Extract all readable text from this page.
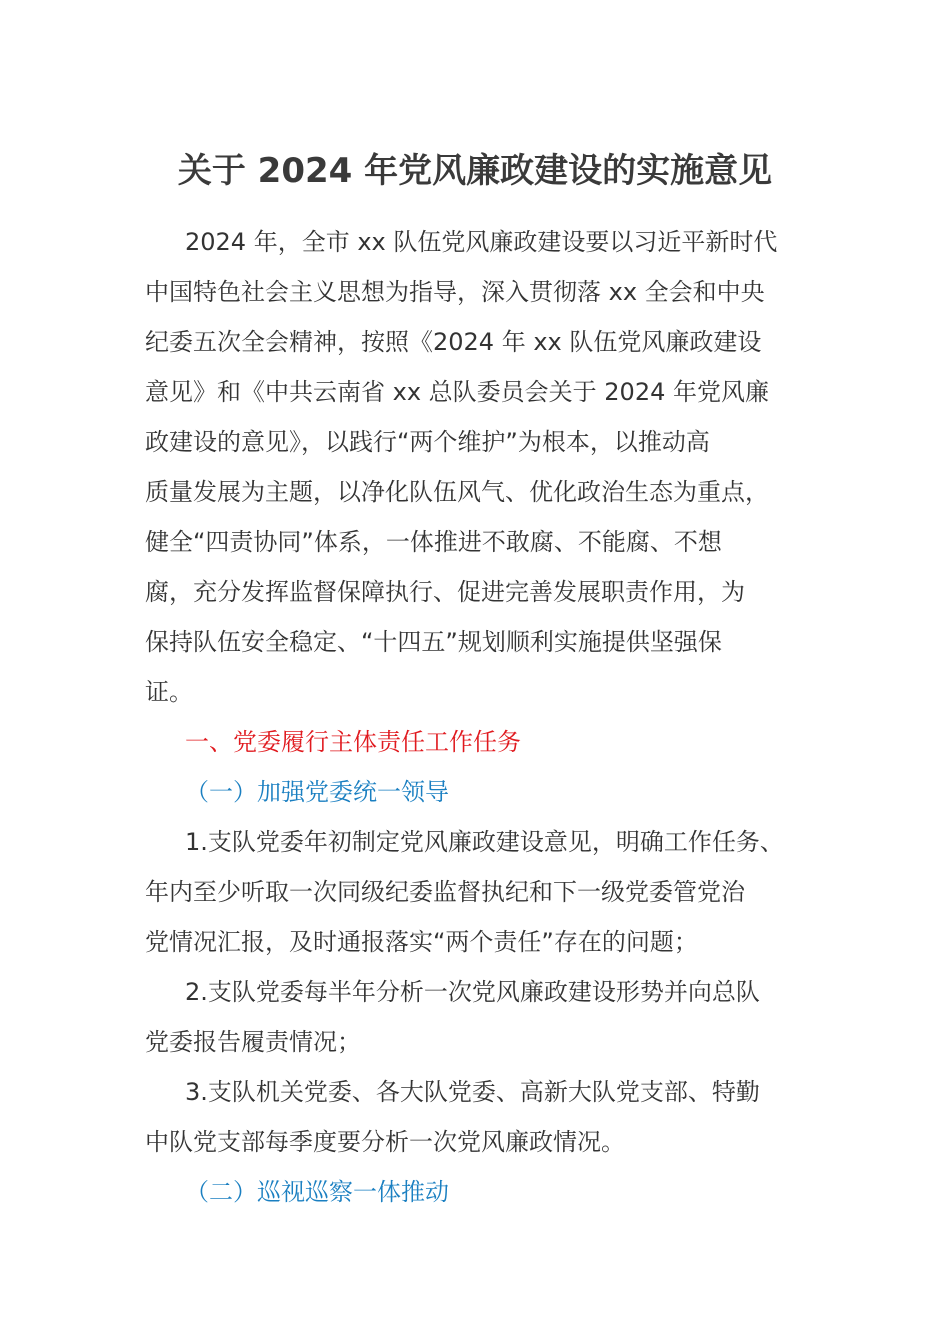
关于 2024 年党风廉政建设的实施意见
2024 年，全市 xx 队伍党风廉政建设要以习近平新时代
中国特色社会主义思想为指导，深入贯彻落 xx 全会和中央
纪委五次全会精神，按照《2024 年 xx 队伍党风廉政建设
意见》和《中共云南省 xx 总队委员会关于 2024 年党风廉
政建设的意见》，以践行“两个维护”为根本，以推动高
质量发展为主题，以净化队伍风气、优化政治生态为重点，
健全“四责协同”体系，一体推进不敢腐、不能腐、不想
腐，充分发挥监督保障执行、促进完善发展职责作用，为
保持队伍安全稳定、“十四五”规划顺利实施提供坚强保
证。
一、党委履行主体责任工作任务
（一）加强党委统一领导
1.支队党委年初制定党风廉政建设意见，明确工作任务、
年内至少听取一次同级纪委监督执纪和下一级党委管党治
党情况汇报，及时通报落实“两个责任”存在的问题；
2.支队党委每半年分析一次党风廉政建设形势并向总队
党委报告履责情况；
3.支队机关党委、各大队党委、高新大队党支部、特勤
中队党支部每季度要分析一次党风廉政情况。
（二）巡视巡察一体推动
